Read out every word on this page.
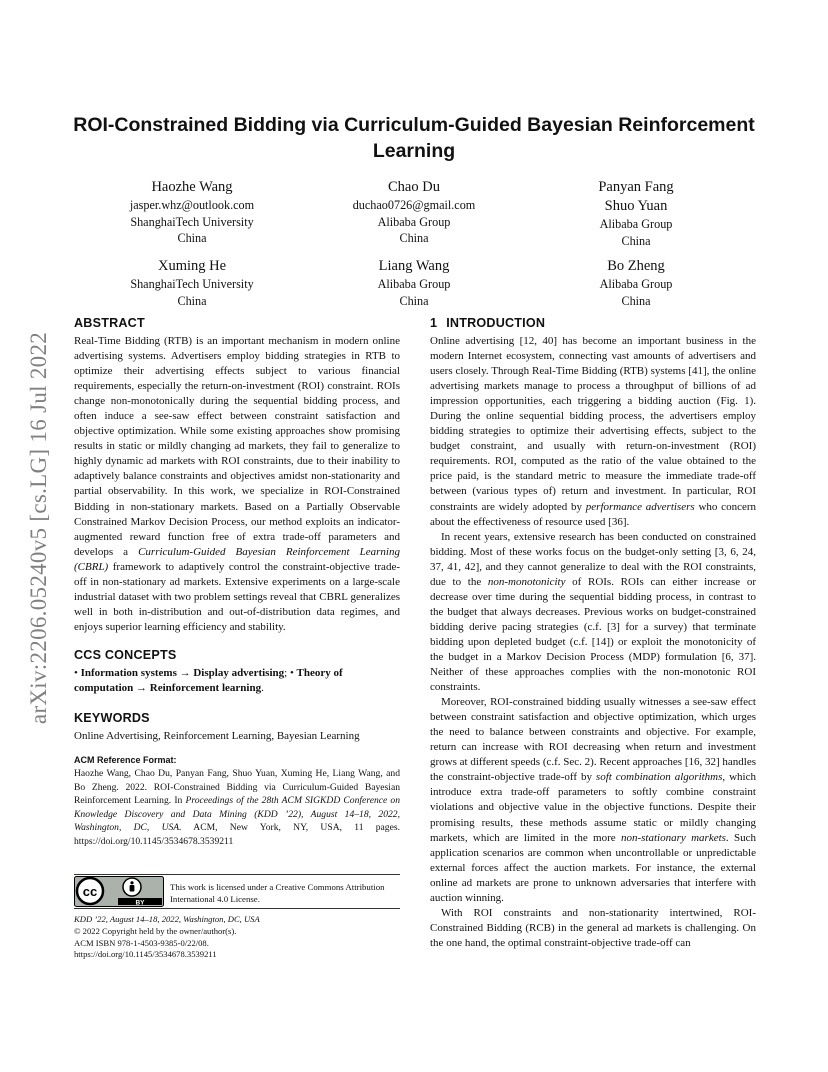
arXiv:2206.05240v5 [cs.LG] 16 Jul 2022
ROI-Constrained Bidding via Curriculum-Guided Bayesian Reinforcement Learning
Haozhe Wang
jasper.whz@outlook.com
ShanghaiTech University
China
Chao Du
duchao0726@gmail.com
Alibaba Group
China
Panyan Fang
Shuo Yuan
Alibaba Group
China
Xuming He
ShanghaiTech University
China
Liang Wang
Alibaba Group
China
Bo Zheng
Alibaba Group
China
ABSTRACT

Real-Time Bidding (RTB) is an important mechanism in modern online advertising systems. Advertisers employ bidding strategies in RTB to optimize their advertising effects subject to various financial requirements, especially the return-on-investment (ROI) constraint. ROIs change non-monotonically during the sequential bidding process, and often induce a see-saw effect between constraint satisfaction and objective optimization. While some existing approaches show promising results in static or mildly changing ad markets, they fail to generalize to highly dynamic ad markets with ROI constraints, due to their inability to adaptively balance constraints and objectives amidst non-stationarity and partial observability. In this work, we specialize in ROI-Constrained Bidding in non-stationary markets. Based on a Partially Observable Constrained Markov Decision Process, our method exploits an indicator-augmented reward function free of extra trade-off parameters and develops a Curriculum-Guided Bayesian Reinforcement Learning (CBRL) framework to adaptively control the constraint-objective trade-off in non-stationary ad markets. Extensive experiments on a large-scale industrial dataset with two problem settings reveal that CBRL generalizes well in both in-distribution and out-of-distribution data regimes, and enjoys superior learning efficiency and stability.

CCS CONCEPTS

• Information systems → Display advertising; • Theory of computation → Reinforcement learning.

KEYWORDS

Online Advertising, Reinforcement Learning, Bayesian Learning

ACM Reference Format:

Haozhe Wang, Chao Du, Panyan Fang, Shuo Yuan, Xuming He, Liang Wang, and Bo Zheng. 2022. ROI-Constrained Bidding via Curriculum-Guided Bayesian Reinforcement Learning. In Proceedings of the 28th ACM SIGKDD Conference on Knowledge Discovery and Data Mining (KDD ’22), August 14–18, 2022, Washington, DC, USA. ACM, New York, NY, USA, 11 pages. https://doi.org/10.1145/3534678.3539211

cc
BY
This work is licensed under a Creative Commons Attribution International 4.0 License.
KDD ’22, August 14–18, 2022, Washington, DC, USA
© 2022 Copyright held by the owner/author(s).
ACM ISBN 978-1-4503-9385-0/22/08.
https://doi.org/10.1145/3534678.3539211
1 INTRODUCTION

Online advertising [12, 40] has become an important business in the modern Internet ecosystem, connecting vast amounts of advertisers and users closely. Through Real-Time Bidding (RTB) systems [41], the online advertising markets manage to process a throughput of billions of ad impression opportunities, each triggering a bidding auction (Fig. 1). During the online sequential bidding process, the advertisers employ bidding strategies to optimize their advertising effects, subject to the budget constraint, and usually with return-on-investment (ROI) requirements. ROI, computed as the ratio of the value obtained to the price paid, is the standard metric to measure the immediate trade-off between (various types of) return and investment. In particular, ROI constraints are widely adopted by performance advertisers who concern about the effectiveness of resource used [36].

In recent years, extensive research has been conducted on constrained bidding. Most of these works focus on the budget-only setting [3, 6, 24, 37, 41, 42], and they cannot generalize to deal with the ROI constraints, due to the non-monotonicity of ROIs. ROIs can either increase or decrease over time during the sequential bidding process, in contrast to the budget that always decreases. Previous works on budget-constrained bidding derive pacing strategies (c.f. [3] for a survey) that terminate bidding upon depleted budget (c.f. [14]) or exploit the monotonicity of the budget in a Markov Decision Process (MDP) formulation [6, 37]. Neither of these approaches complies with the non-monotonic ROI constraints.

Moreover, ROI-constrained bidding usually witnesses a see-saw effect between constraint satisfaction and objective optimization, which urges the need to balance between constraints and objective. For example, return can increase with ROI decreasing when return and investment grows at different speeds (c.f. Sec. 2). Recent approaches [16, 32] handles the constraint-objective trade-off by soft combination algorithms, which introduce extra trade-off parameters to softly combine constraint violations and objective value in the objective functions. Despite their promising results, these methods assume static or mildly changing markets, which are limited in the more non-stationary markets. Such application scenarios are common when uncontrollable or unpredictable external forces affect the auction markets. For instance, the external online ad markets are prone to unknown adversaries that interfere with auction winning.

With ROI constraints and non-stationarity intertwined, ROI-Constrained Bidding (RCB) in the general ad markets is challenging. On the one hand, the optimal constraint-objective trade-off can
